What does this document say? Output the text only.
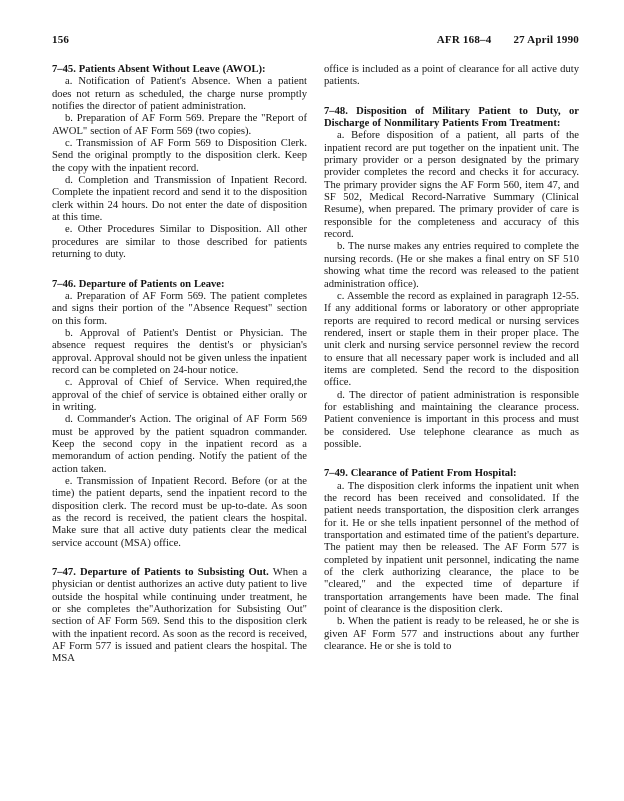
156	AFR 168–4 27 April 1990

7–45. Patients Absent Without Leave (AWOL):

a. Notification of Patient's Absence. When a patient does not return as scheduled, the charge nurse promptly notifies the director of patient administration.

b. Preparation of AF Form 569. Prepare the "Report of AWOL" section of AF Form 569 (two copies).

c. Transmission of AF Form 569 to Disposition Clerk. Send the original promptly to the disposition clerk. Keep the copy with the inpatient record.

d. Completion and Transmission of Inpatient Record. Complete the inpatient record and send it to the disposition clerk within 24 hours. Do not enter the date of disposition at this time.

e. Other Procedures Similar to Disposition. All other procedures are similar to those described for patients returning to duty.

7–46. Departure of Patients on Leave:

a. Preparation of AF Form 569. The patient completes and signs their portion of the "Absence Request" section on this form.

b. Approval of Patient's Dentist or Physician. The absence request requires the dentist's or physician's approval. Approval should not be given unless the inpatient record can be completed on 24-hour notice.

c. Approval of Chief of Service. When required,the approval of the chief of service is obtained either orally or in writing.

d. Commander's Action. The original of AF Form 569 must be approved by the patient squadron commander. Keep the second copy in the inpatient record as a memorandum of action pending. Notify the patient of the action taken.

e. Transmission of Inpatient Record. Before (or at the time) the patient departs, send the inpatient record to the disposition clerk. The record must be up-to-date. As soon as the record is received, the patient clears the hospital. Make sure that all active duty patients clear the medical service account (MSA) office.

7–47. Departure of Patients to Subsisting Out. When a physician or dentist authorizes an active duty patient to live outside the hospital while continuing under treatment, he or she completes the"Authorization for Subsisting Out" section of AF Form 569. Send this to the disposition clerk with the inpatient record. As soon as the record is received, AF Form 577 is issued and patient clears the hospital. The MSA

office is included as a point of clearance for all active duty patients.

7–48. Disposition of Military Patient to Duty, or Discharge of Nonmilitary Patients From Treatment:

a. Before disposition of a patient, all parts of the inpatient record are put together on the inpatient unit. The primary provider or a person designated by the primary provider completes the record and checks it for accuracy. The primary provider signs the AF Form 560, item 47, and SF 502, Medical Record-Narrative Summary (Clinical Resume), when prepared. The primary provider of care is responsible for the completeness and accuracy of this record.

b. The nurse makes any entries required to complete the nursing records. (He or she makes a final entry on SF 510 showing what time the record was released to the patient administration office).

c. Assemble the record as explained in paragraph 12-55. If any additional forms or laboratory or other appropriate reports are required to record medical or nursing services rendered, insert or staple them in their proper place. The unit clerk and nursing service personnel review the record to ensure that all necessary paper work is included and all items are completed. Send the record to the disposition office.

d. The director of patient administration is responsible for establishing and maintaining the clearance process. Patient convenience is important in this process and must be considered. Use telephone clearance as much as possible.

7–49. Clearance of Patient From Hospital:

a. The disposition clerk informs the inpatient unit when the record has been received and consolidated. If the patient needs transportation, the disposition clerk arranges for it. He or she tells inpatient personnel of the method of transportation and estimated time of the patient's departure. The patient may then be released. The AF Form 577 is completed by inpatient unit personnel, indicating the name of the clerk authorizing clearance, the place to be "cleared," and the expected time of departure if transportation arrangements have been made. The final point of clearance is the disposition clerk.

b. When the patient is ready to be released, he or she is given AF Form 577 and instructions about any further clearance. He or she is told to
